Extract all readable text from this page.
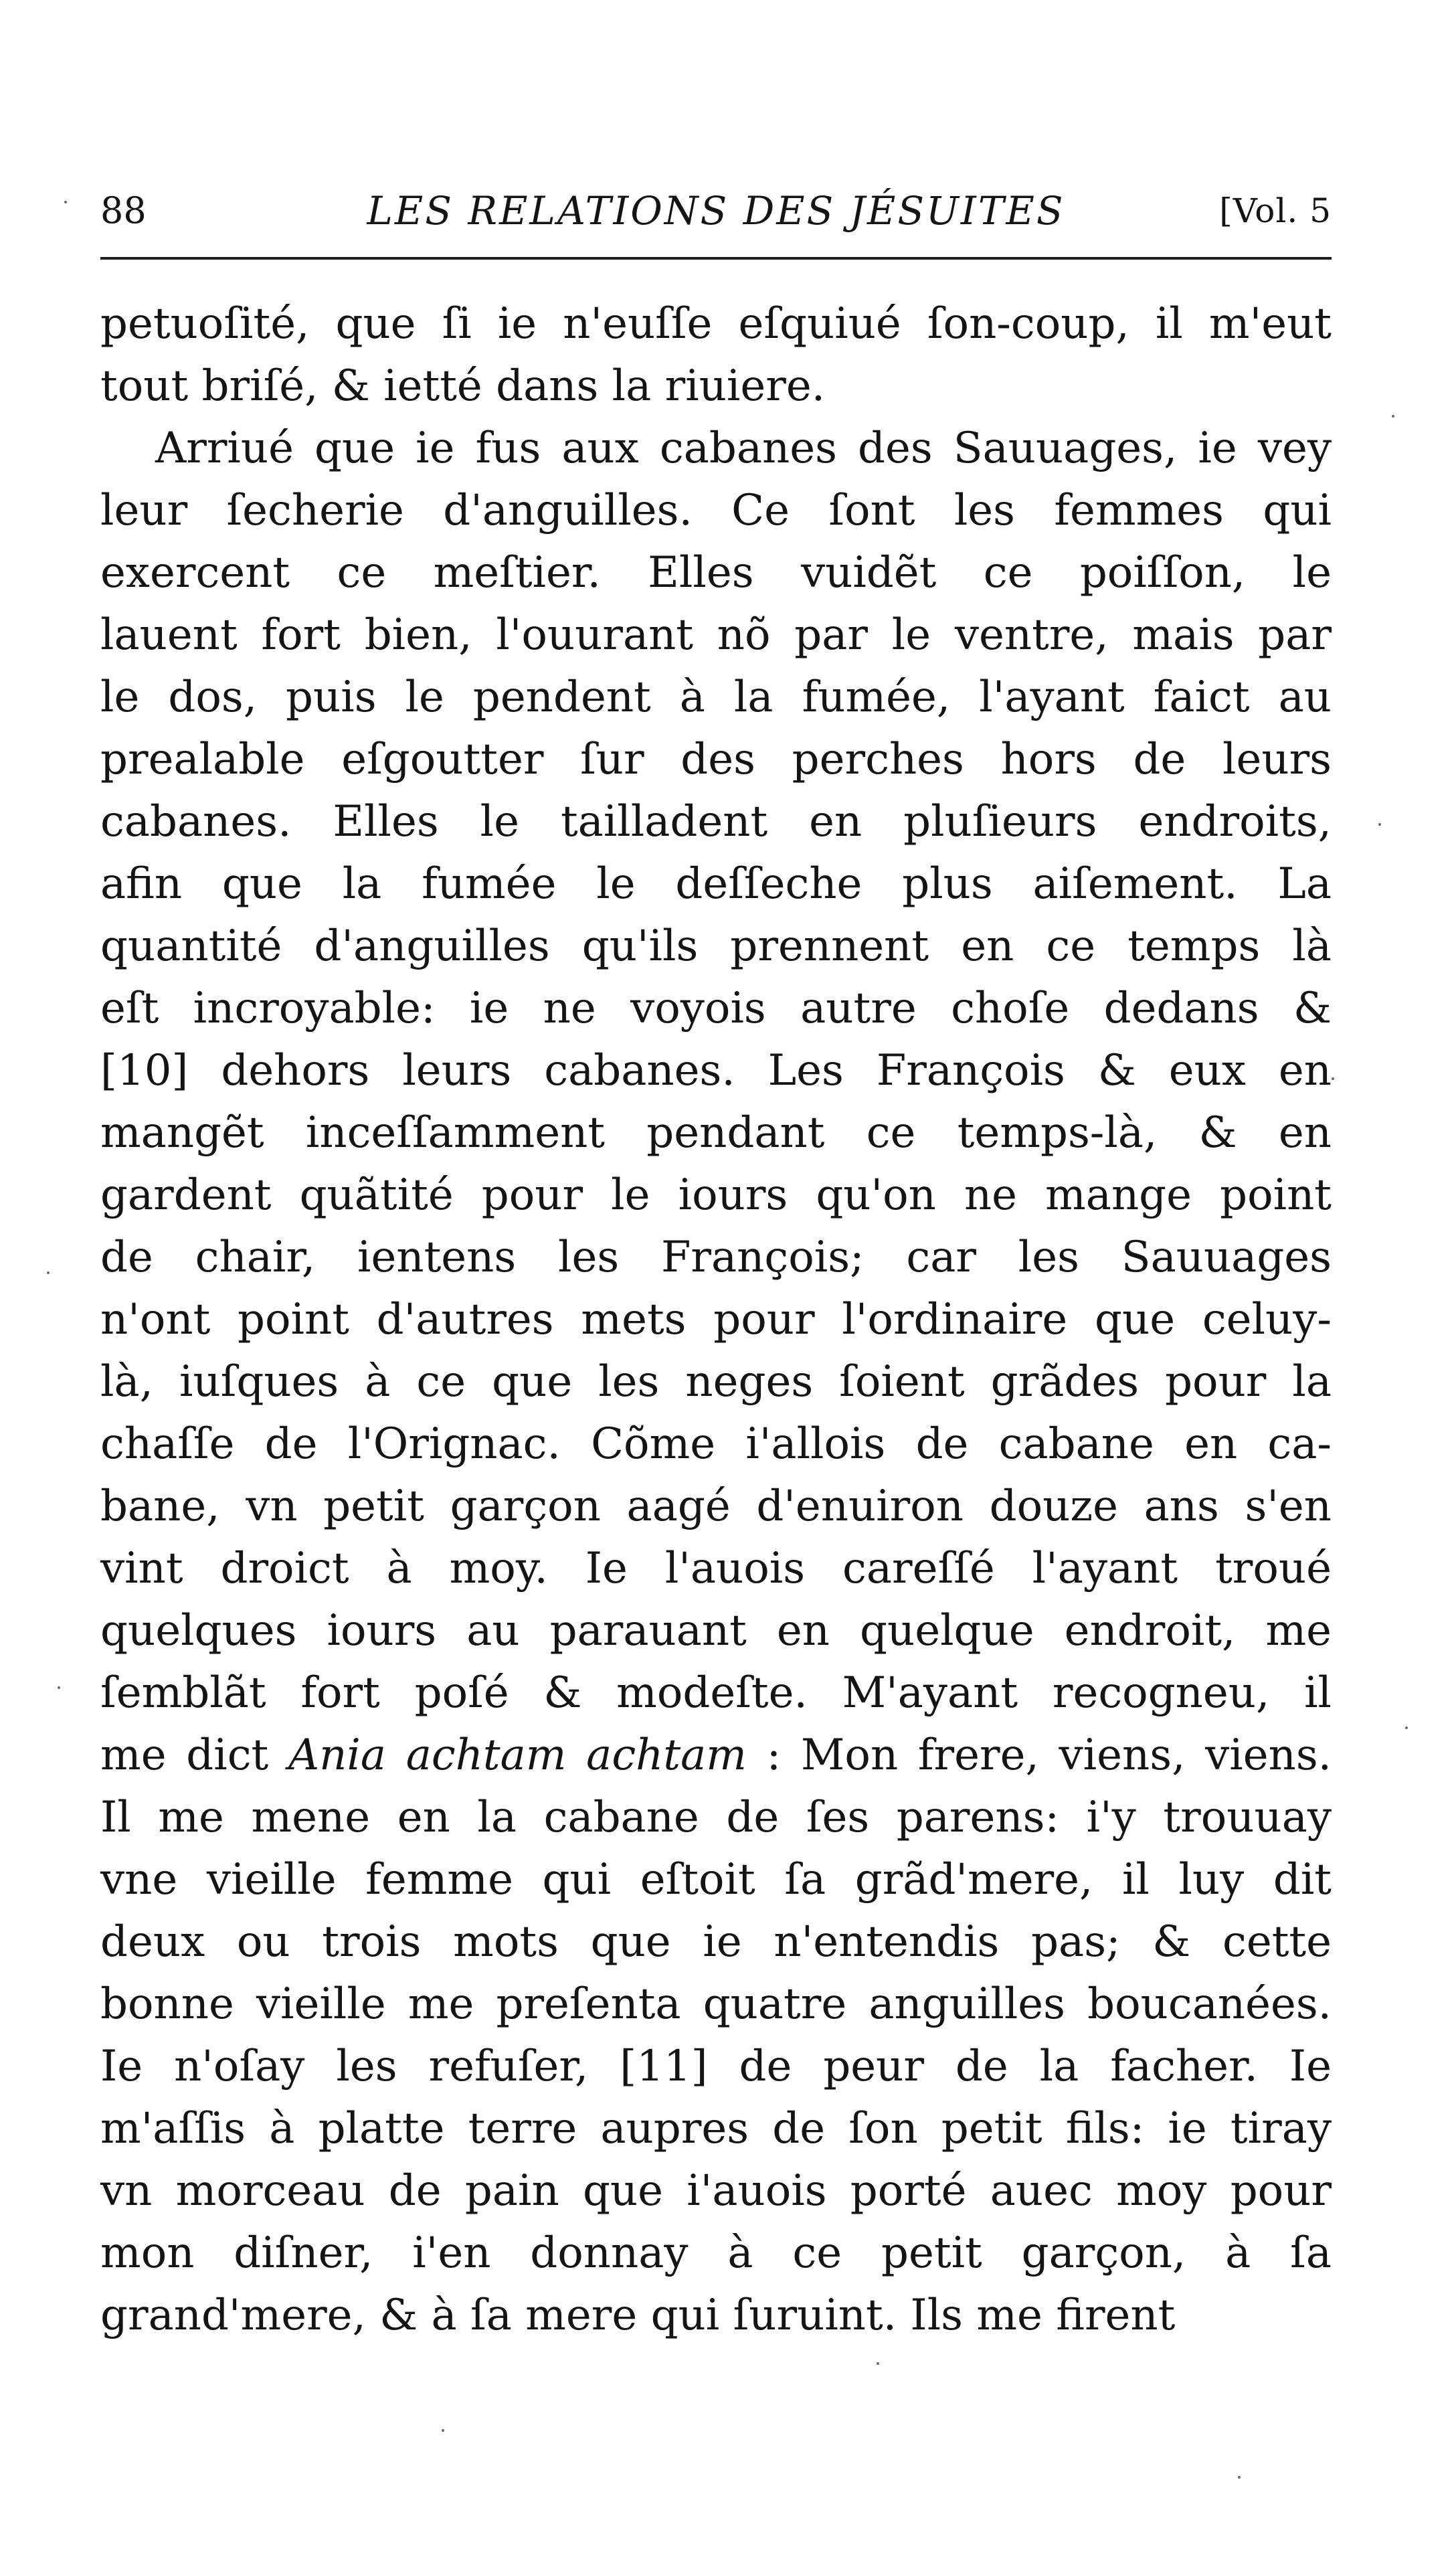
88	LES RELATIONS DES JÉSUITES	[Vol. 5
petuoſité, que ſi ie n'euſſe eſquiué ſon-coup, il m'eut
tout briſé, & ietté dans la riuiere.
Arriué que ie fus aux cabanes des Sauuages, ie vey
leur ſecherie d'anguilles. Ce ſont les femmes qui
exercent ce meſtier. Elles vuidẽt ce poiſſon, le
lauent fort bien, l'ouurant nõ par le ventre, mais par
le dos, puis le pendent à la fumée, l'ayant faict au
prealable eſgoutter ſur des perches hors de leurs
cabanes. Elles le tailladent en pluſieurs endroits,
afin que la fumée le deſſeche plus aiſement. La
quantité d'anguilles qu'ils prennent en ce temps là
eſt incroyable: ie ne voyois autre choſe dedans &
[10] dehors leurs cabanes. Les François & eux en
mangẽt inceſſamment pendant ce temps-là, & en
gardent quãtité pour le iours qu'on ne mange point
de chair, ientens les François; car les Sauuages
n'ont point d'autres mets pour l'ordinaire que celuy-
là, iuſques à ce que les neges ſoient grãdes pour la
chaſſe de l'Orignac. Cõme i'allois de cabane en ca-
bane, vn petit garçon aagé d'enuiron douze ans s'en
vint droict à moy. Ie l'auois careſſé l'ayant troué
quelques iours au parauant en quelque endroit, me
ſemblãt fort poſé & modeſte. M'ayant recogneu, il
me dict Ania achtam achtam : Mon frere, viens, viens.
Il me mene en la cabane de ſes parens: i'y trouuay
vne vieille femme qui eſtoit ſa grãd'mere, il luy dit
deux ou trois mots que ie n'entendis pas; & cette
bonne vieille me preſenta quatre anguilles boucanées.
Ie n'oſay les refuſer, [11] de peur de la facher. Ie
m'aſſis à platte terre aupres de ſon petit fils: ie tiray
vn morceau de pain que i'auois porté auec moy pour
mon diſner, i'en donnay à ce petit garçon, à ſa
grand'mere, & à ſa mere qui ſuruint. Ils me firent
